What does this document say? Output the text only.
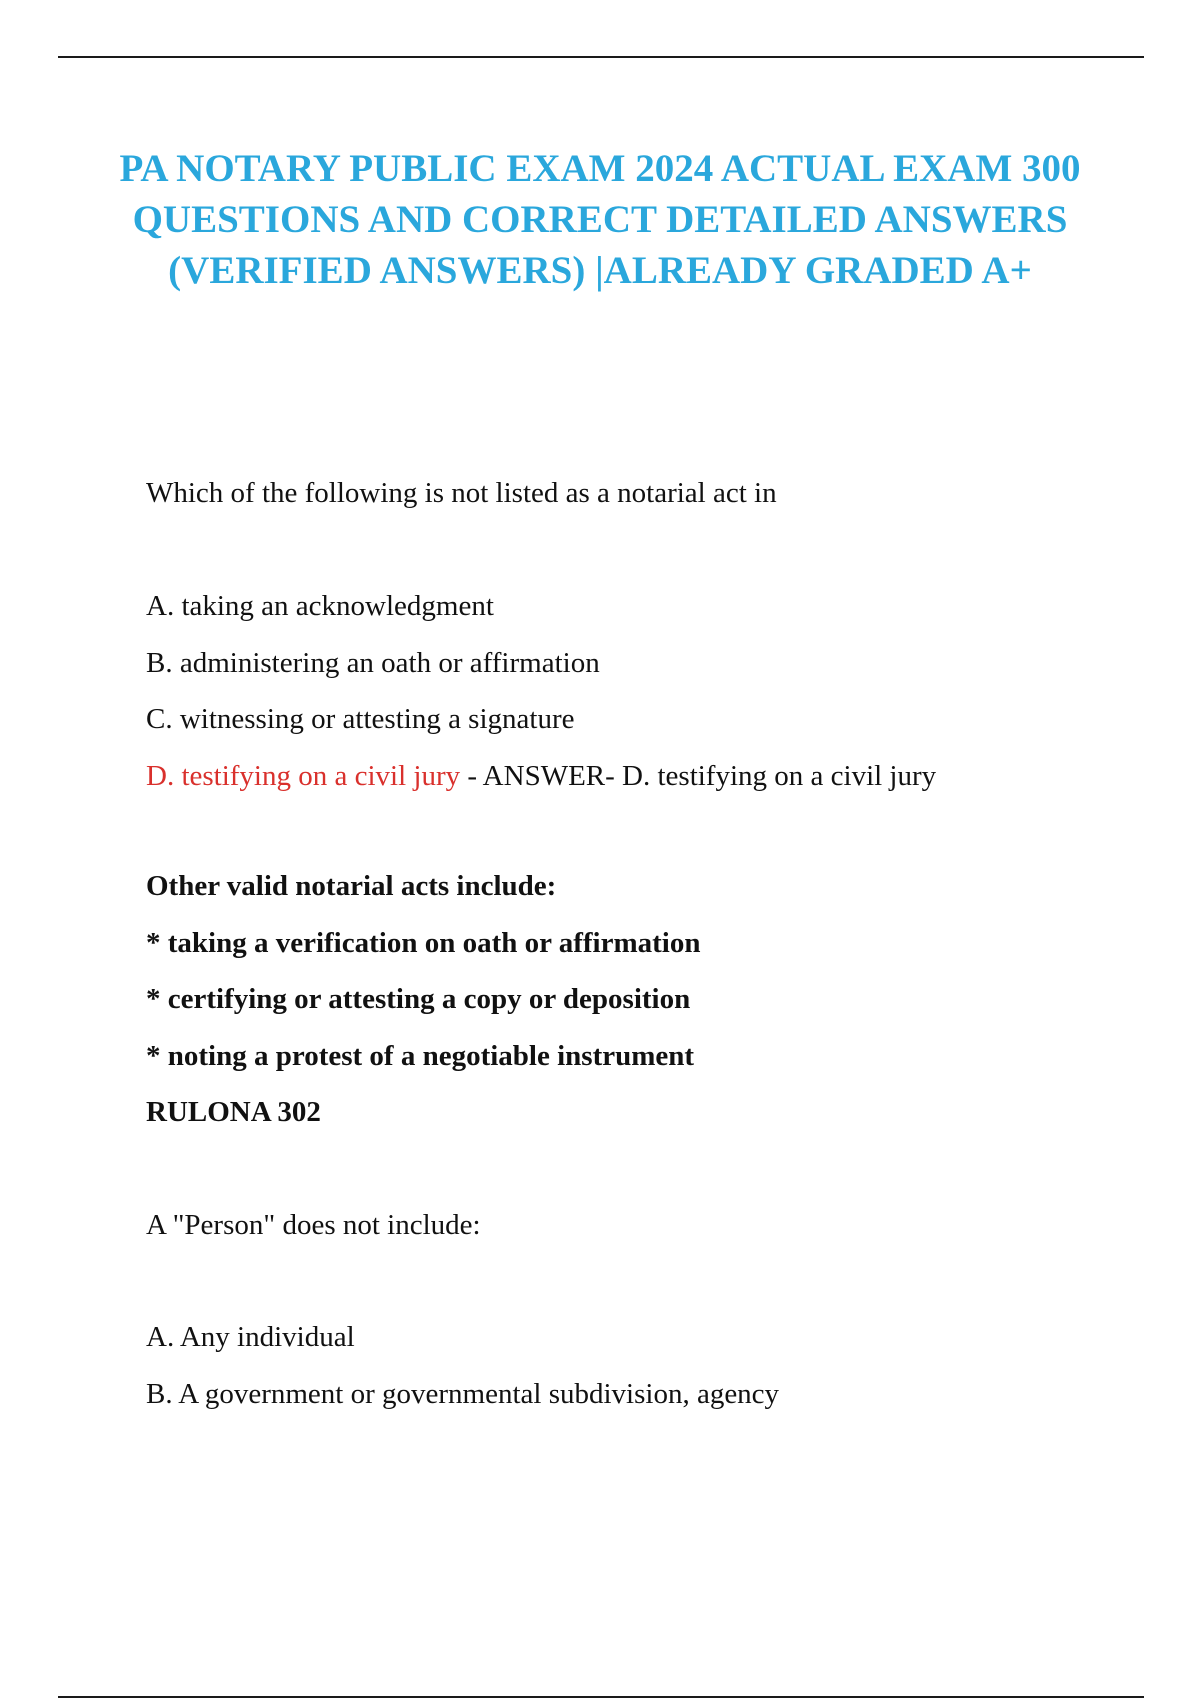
PA NOTARY PUBLIC EXAM 2024 ACTUAL EXAM 300 QUESTIONS AND CORRECT DETAILED ANSWERS (VERIFIED ANSWERS) |ALREADY GRADED A+
Which of the following is not listed as a notarial act in
A. taking an acknowledgment
B. administering an oath or affirmation
C. witnessing or attesting a signature
D. testifying on a civil jury - ANSWER- D. testifying on a civil jury
Other valid notarial acts include:
* taking a verification on oath or affirmation
* certifying or attesting a copy or deposition
* noting a protest of a negotiable instrument
RULONA 302
A "Person" does not include:
A. Any individual
B. A government or governmental subdivision, agency
